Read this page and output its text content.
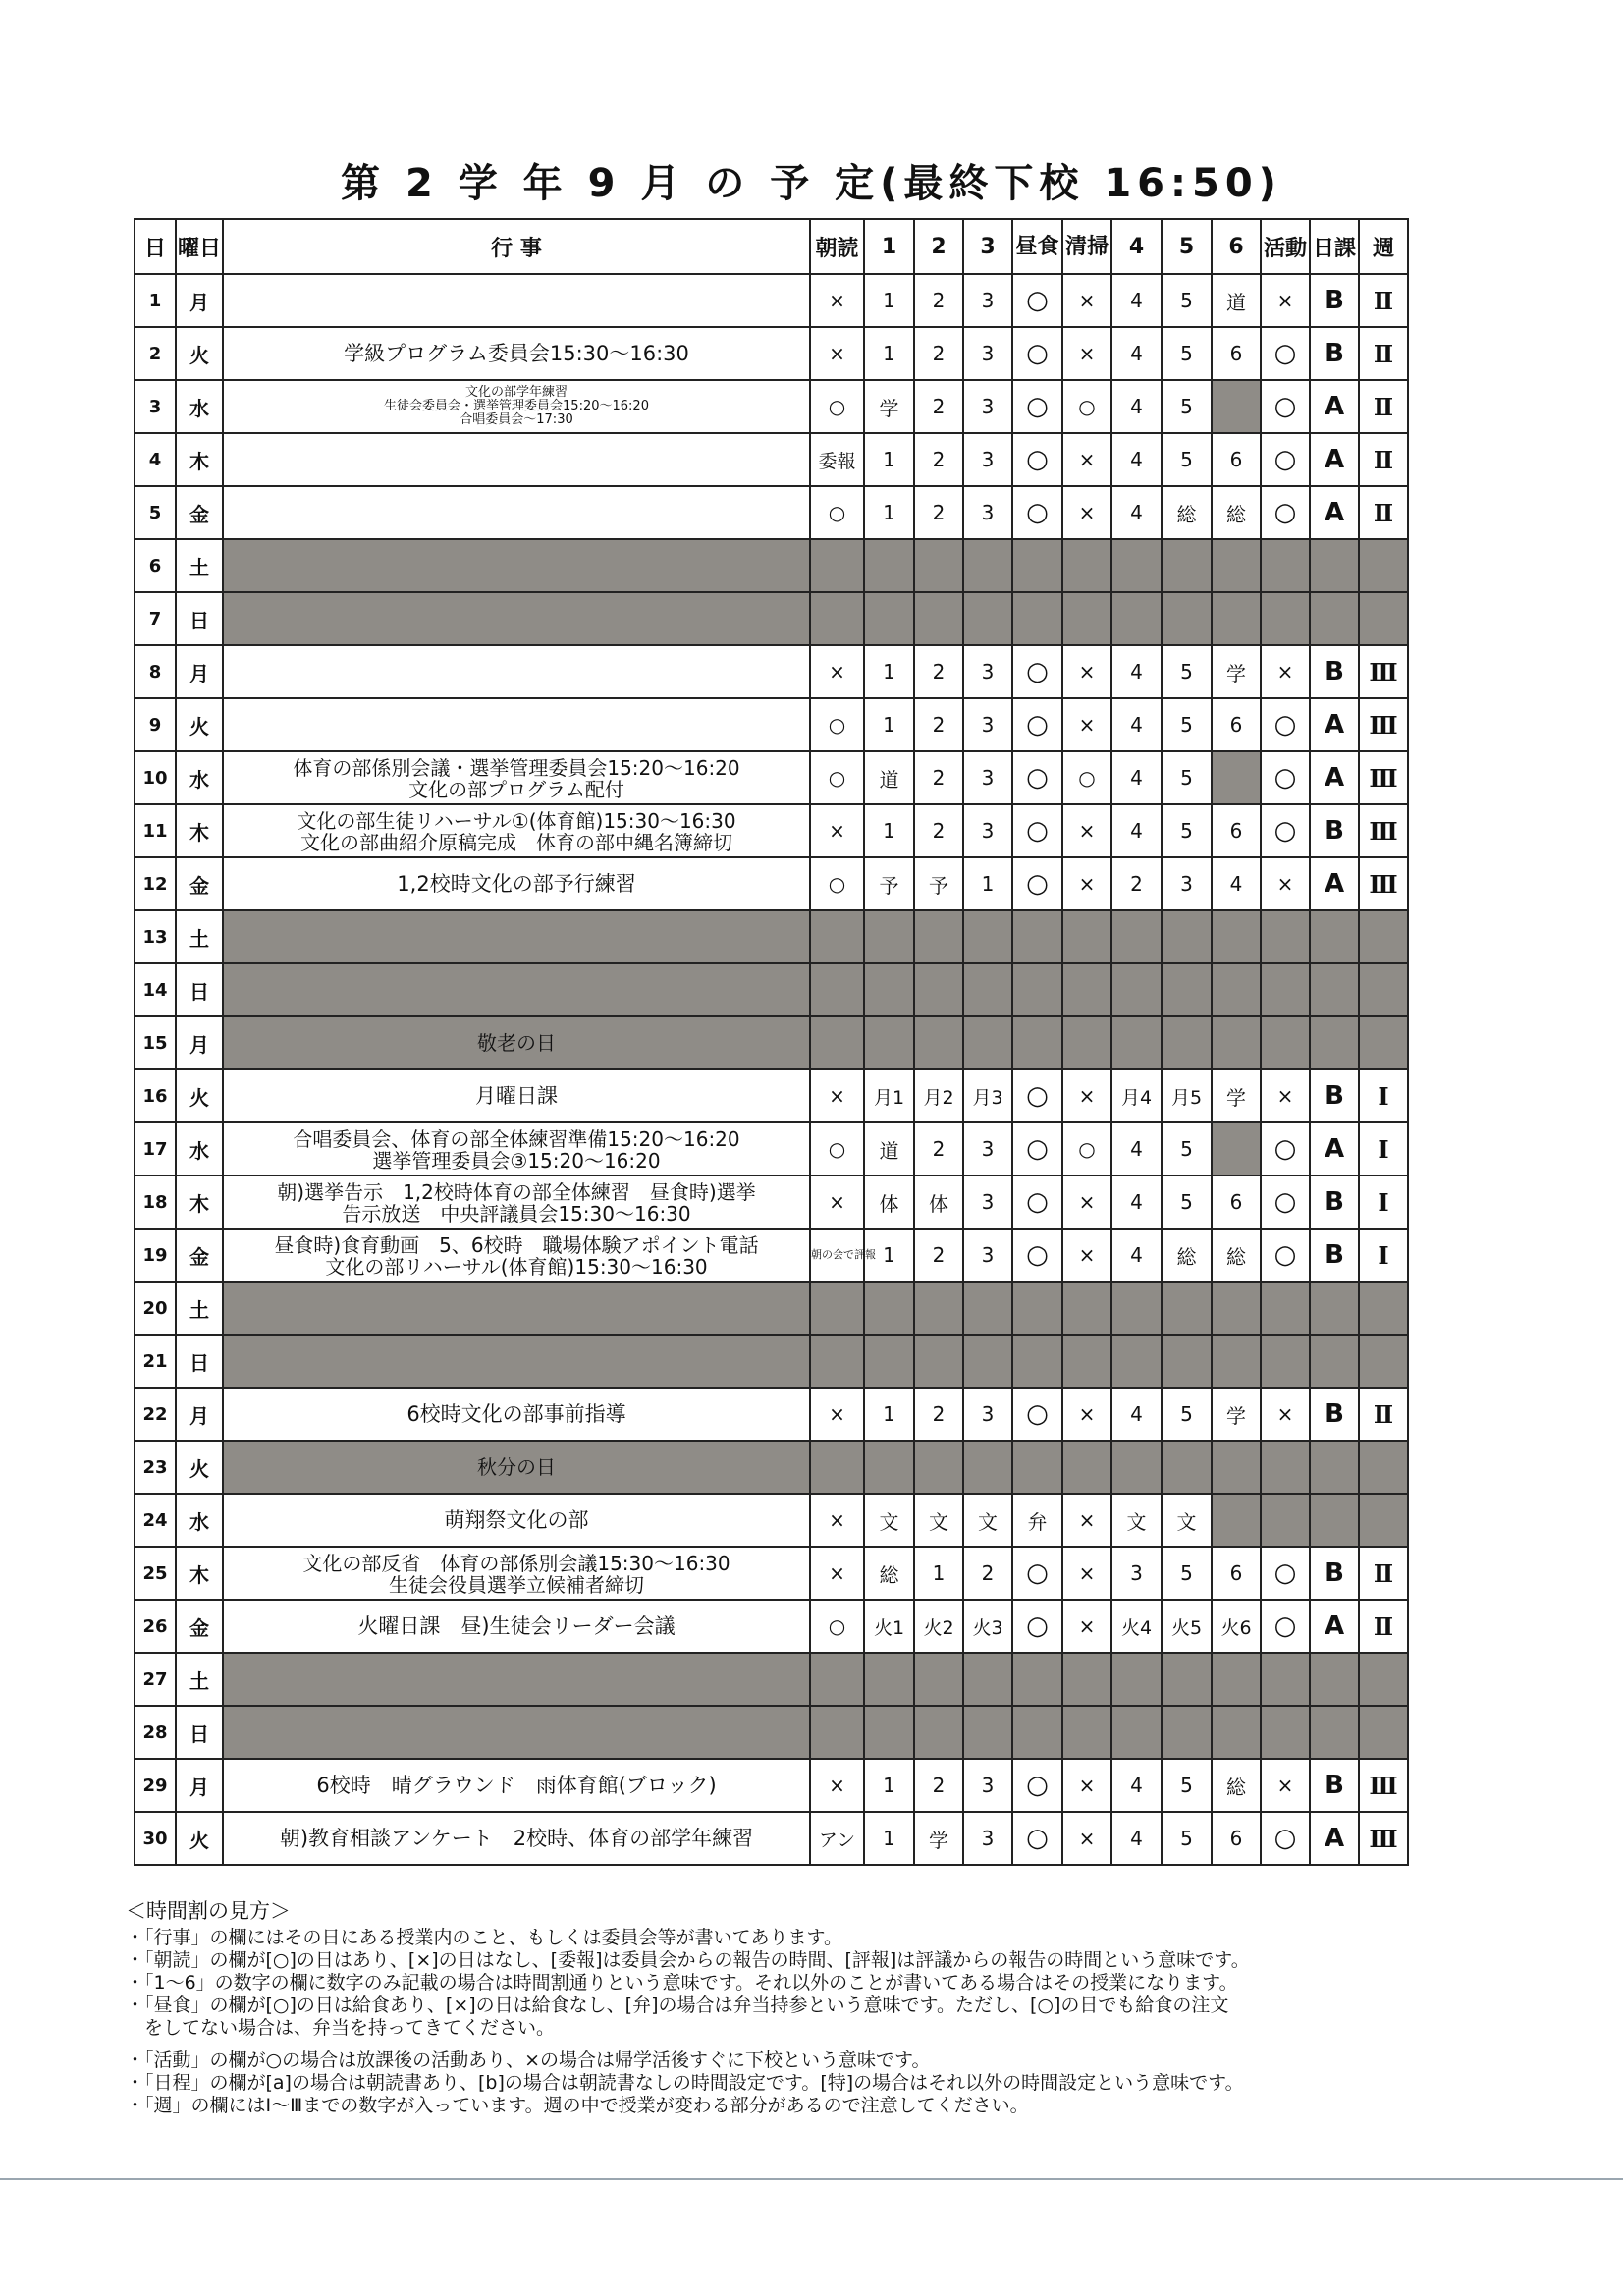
第 2 学 年 9 月 の 予 定(最終下校 16:50)
日	曜日	行 事	朝読	1	2	3	昼食	清掃	4	5	6	活動	日課	週
1	月		×	1	2	3	○	×	4	5	道	×	B	Ⅱ
2	火	学級プログラム委員会15:30～16:30	×	1	2	3	○	×	4	5	6	○	B	Ⅱ
3	水	文化の部学年練習
生徒会委員会・選挙管理委員会15:20～16:20
合唱委員会～17:30	○	学	2	3	○	○	4	5		○	A	Ⅱ
4	木		委報	1	2	3	○	×	4	5	6	○	A	Ⅱ
5	金		○	1	2	3	○	×	4	総	総	○	A	Ⅱ
6	土													
7	日													
8	月		×	1	2	3	○	×	4	5	学	×	B	Ⅲ
9	火		○	1	2	3	○	×	4	5	6	○	A	Ⅲ
10	水	体育の部係別会議・選挙管理委員会15:20～16:20
文化の部プログラム配付	○	道	2	3	○	○	4	5		○	A	Ⅲ
11	木	文化の部生徒リハーサル①(体育館)15:30～16:30
文化の部曲紹介原稿完成　体育の部中縄名簿締切	×	1	2	3	○	×	4	5	6	○	B	Ⅲ
12	金	1,2校時文化の部予行練習	○	予	予	1	○	×	2	3	4	×	A	Ⅲ
13	土													
14	日													
15	月	敬老の日												

16	火	月曜日課	×	月1	月2	月3	○	×	月4	月5	学	×	B	Ⅰ
17	水	合唱委員会、体育の部全体練習準備15:20～16:20
選挙管理委員会③15:20～16:20	○	道	2	3	○	○	4	5		○	A	Ⅰ
18	木	朝)選挙告示　1,2校時体育の部全体練習　昼食時)選挙
告示放送　中央評議員会15:30～16:30	×	体	体	3	○	×	4	5	6	○	B	Ⅰ
19	金	昼食時)食育動画　5、6校時　職場体験アポイント電話
文化の部リハーサル(体育館)15:30～16:30	朝の会で評報	1	2	3	○	×	4	総	総	○	B	Ⅰ
20	土													
21	日													
22	月	6校時文化の部事前指導	×	1	2	3	○	×	4	5	学	×	B	Ⅱ
23	火	秋分の日												

24	水	萌翔祭文化の部	×	文	文	文	弁	×	文	文				
25	木	文化の部反省　体育の部係別会議15:30～16:30
生徒会役員選挙立候補者締切	×	総	1	2	○	×	3	5	6	○	B	Ⅱ
26	金	火曜日課　昼)生徒会リーダー会議	○	火1	火2	火3	○	×	火4	火5	火6	○	A	Ⅱ
27	土													
28	日													
29	月	6校時　晴グラウンド　雨体育館(ブロック)	×	1	2	3	○	×	4	5	総	×	B	Ⅲ
30	火	朝)教育相談アンケート　2校時、体育の部学年練習	アン	1	学	3	○	×	4	5	6	○	A	Ⅲ
＜時間割の見方＞

・「行事」の欄にはその日にある授業内のこと、もしくは委員会等が書いてあります。

・「朝読」の欄が[○]の日はあり、[×]の日はなし、[委報]は委員会からの報告の時間、[評報]は評議からの報告の時間という意味です。

・「1～6」の数字の欄に数字のみ記載の場合は時間割通りという意味です。それ以外のことが書いてある場合はその授業になります。

・「昼食」の欄が[○]の日は給食あり、[×]の日は給食なし、[弁]の場合は弁当持参という意味です。ただし、[○]の日でも給食の注文

　をしてない場合は、弁当を持ってきてください。

・「活動」の欄が○の場合は放課後の活動あり、×の場合は帰学活後すぐに下校という意味です。

・「日程」の欄が[a]の場合は朝読書あり、[b]の場合は朝読書なしの時間設定です。[特]の場合はそれ以外の時間設定という意味です。

・「週」の欄にはⅠ～Ⅲまでの数字が入っています。週の中で授業が変わる部分があるので注意してください。
